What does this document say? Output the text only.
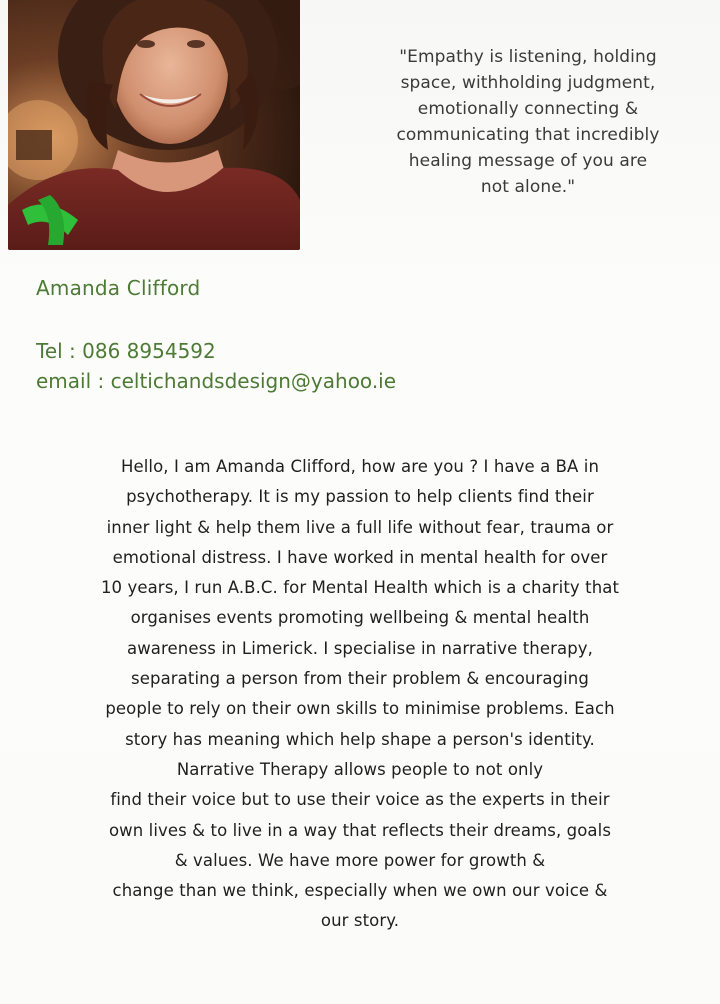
"Empathy is listening, holding
space, withholding judgment,
emotionally connecting &
communicating that incredibly
healing message of you are
not alone."
Amanda Clifford
Tel : 086 8954592
email : celtichandsdesign@yahoo.ie
Hello, I am Amanda Clifford, how are you ? I have a BA in
psychotherapy. It is my passion to help clients find their
inner light & help them live a full life without fear, trauma or
emotional distress. I have worked in mental health for over
10 years, I run A.B.C. for Mental Health which is a charity that
organises events promoting wellbeing & mental health
awareness in Limerick. I specialise in narrative therapy,
separating a person from their problem & encouraging
people to rely on their own skills to minimise problems. Each
story has meaning which help shape a person's identity.
Narrative Therapy allows people to not only
find their voice but to use their voice as the experts in their
own lives & to live in a way that reflects their dreams, goals
& values. We have more power for growth &
change than we think, especially when we own our voice &
our story.
